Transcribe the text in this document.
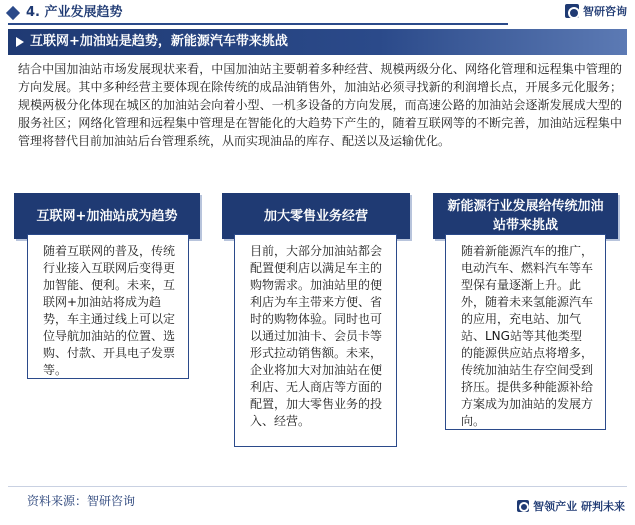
4. 产业发展趋势	智研咨询
互联网+加油站是趋势，新能源汽车带来挑战

结合中国加油站市场发展现状来看，中国加油站主要朝着多种经营、规模两级分化、网络化管理和远程集中管理的方向发展。其中多种经营主要体现在除传统的成品油销售外，加油站必须寻找新的利润增长点，开展多元化服务；规模两极分化体现在城区的加油站会向着小型、一机多设备的方向发展，而高速公路的加油站会逐渐发展成大型的服务社区；网络化管理和远程集中管理是在智能化的大趋势下产生的，随着互联网等的不断完善，加油站远程集中管理将替代目前加油站后台管理系统，从而实现油品的库存、配送以及运输优化。

互联网+加油站成为趋势
随着互联网的普及，传统行业接入互联网后变得更加智能、便利。未来，互联网+加油站将成为趋势，车主通过线上可以定位导航加油站的位置、选购、付款、开具电子发票等。
加大零售业务经营
目前，大部分加油站都会配置便利店以满足车主的购物需求。加油站里的便利店为车主带来方便、省时的购物体验。同时也可以通过加油卡、会员卡等形式拉动销售额。未来，企业将加大对加油站在便利店、无人商店等方面的配置，加大零售业务的投入、经营。
新能源行业发展给传统加油站带来挑战
随着新能源汽车的推广，电动汽车、燃料汽车等车型保有量逐渐上升。此外，随着未来氢能源汽车的应用，充电站、加气站、LNG站等其他类型的能源供应站点将增多，传统加油站生存空间受到挤压。提供多种能源补给方案成为加油站的发展方向。
资料来源：智研咨询	智领产业 研判未来
